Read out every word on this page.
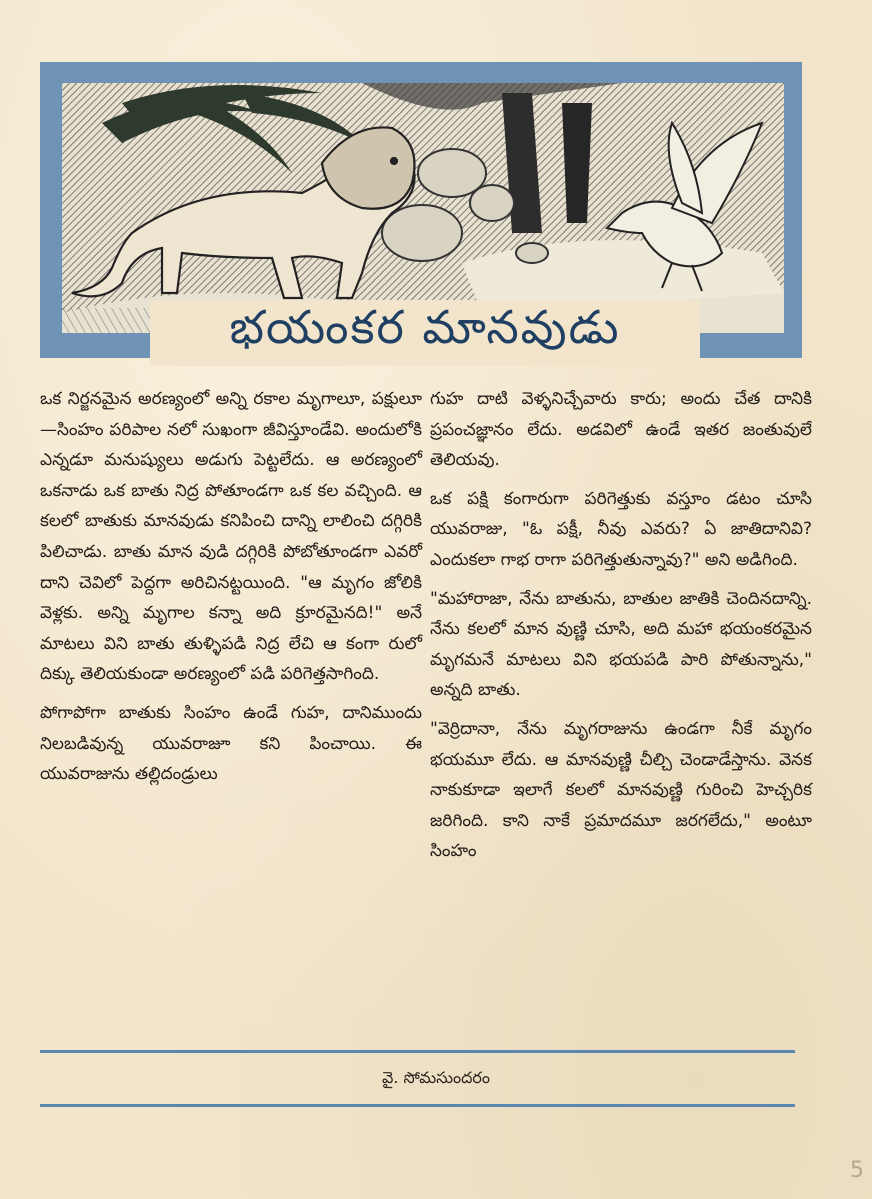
భయంకర మానవుడు

ఒక నిర్జనమైన అరణ్యంలో అన్ని రకాల మృగాలూ, పక్షులూ—సింహం పరిపాల నలో సుఖంగా జీవిస్తూండేవి. అందులోకి ఎన్నడూ మనుష్యులు అడుగు పెట్టలేదు. ఆ అరణ్యంలో ఒకనాడు ఒక బాతు నిద్ర పోతూండగా ఒక కల వచ్చింది. ఆ కలలో బాతుకు మానవుడు కనిపించి దాన్ని లాలించి దగ్గిరికి పిలిచాడు. బాతు మాన వుడి దగ్గిరికి పోబోతూండగా ఎవరో దాని చెవిలో పెద్దగా అరిచినట్టయింది. "ఆ మృగం జోలికి వెళ్లకు. అన్ని మృగాల కన్నా అది క్రూరమైనది!" అనే మాటలు విని బాతు తుళ్ళిపడి నిద్ర లేచి ఆ కంగా రులో దిక్కు తెలియకుండా అరణ్యంలో పడి పరిగెత్తసాగింది.

పోగాపోగా బాతుకు సింహం ఉండే గుహ, దానిముందు నిలబడివున్న యువరాజూ కని పించాయి. ఈ యువరాజును తల్లిదండ్రులు

గుహ దాటి వెళ్ళనిచ్చేవారు కారు; అందు చేత దానికి ప్రపంచజ్ఞానం లేదు. అడవిలో ఉండే ఇతర జంతువులే తెలియవు.

ఒక పక్షి కంగారుగా పరిగెత్తుకు వస్తూం డటం చూసి యువరాజు, "ఓ పక్షీ, నీవు ఎవరు? ఏ జాతిదానివి? ఎందుకలా గాభ రాగా పరిగెత్తుతున్నావు?" అని అడిగింది.

"మహారాజా, నేను బాతును, బాతుల జాతికి చెందినదాన్ని. నేను కలలో మాన వుణ్ణి చూసి, అది మహా భయంకరమైన మృగమనే మాటలు విని భయపడి పారి పోతున్నాను," అన్నది బాతు.

"వెర్రిదానా, నేను మృగరాజును ఉండగా నీకే మృగం భయమూ లేదు. ఆ మానవుణ్ణి చీల్చి చెండాడేస్తాను. వెనక నాకుకూడా ఇలాగే కలలో మానవుణ్ణి గురించి హెచ్చరిక జరిగింది. కాని నాకే ప్రమాదమూ జరగలేదు," అంటూ సింహం

వై. సోమసుందరం
5
